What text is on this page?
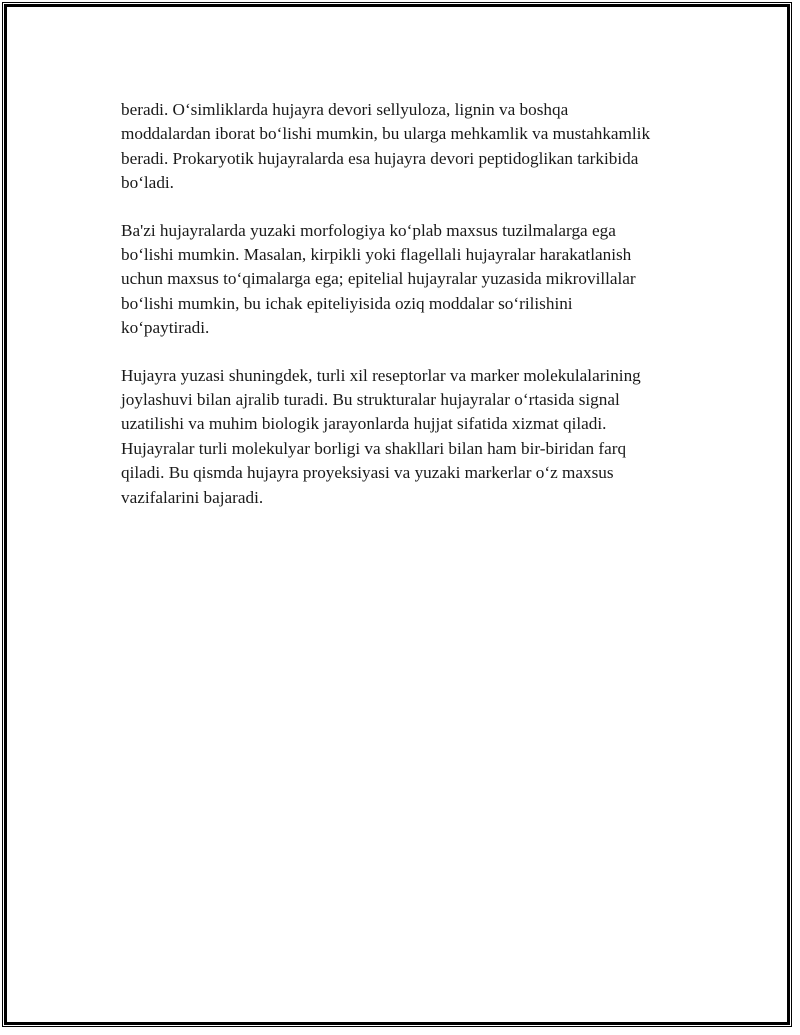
beradi. O‘simliklarda hujayra devori sellyuloza, lignin va boshqa
moddalardan iborat bo‘lishi mumkin, bu ularga mehkamlik va mustahkamlik
beradi. Prokaryotik hujayralarda esa hujayra devori peptidoglikan tarkibida
bo‘ladi.

Ba'zi hujayralarda yuzaki morfologiya ko‘plab maxsus tuzilmalarga ega
bo‘lishi mumkin. Masalan, kirpikli yoki flagellali hujayralar harakatlanish
uchun maxsus to‘qimalarga ega; epitelial hujayralar yuzasida mikrovillalar
bo‘lishi mumkin, bu ichak epiteliyisida oziq moddalar so‘rilishini
ko‘paytiradi.

Hujayra yuzasi shuningdek, turli xil reseptorlar va marker molekulalarining
joylashuvi bilan ajralib turadi. Bu strukturalar hujayralar o‘rtasida signal
uzatilishi va muhim biologik jarayonlarda hujjat sifatida xizmat qiladi.
Hujayralar turli molekulyar borligi va shakllari bilan ham bir-biridan farq
qiladi. Bu qismda hujayra proyeksiyasi va yuzaki markerlar o‘z maxsus
vazifalarini bajaradi.
